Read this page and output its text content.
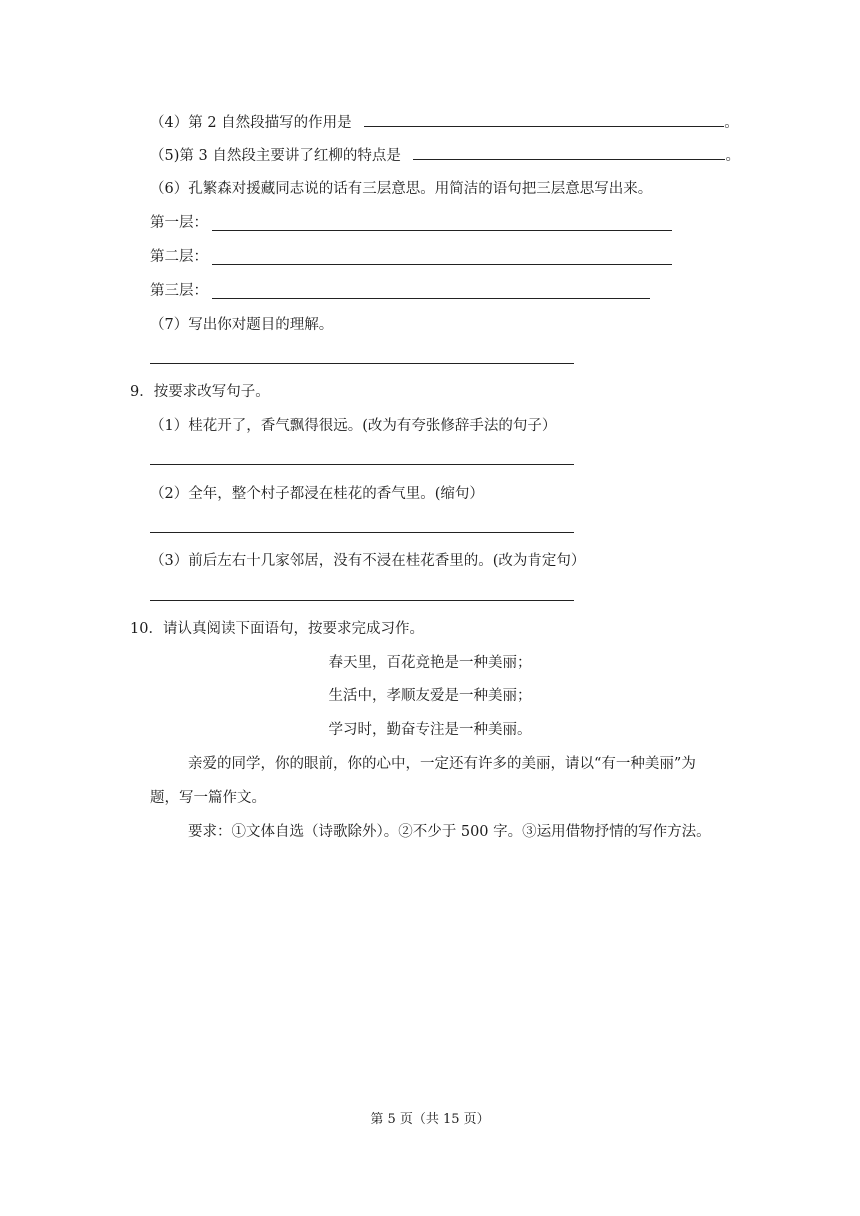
（4）第 2 自然段描写的作用是	。
（5)第 3 自然段主要讲了红柳的特点是	。
（6）孔繁森对援藏同志说的话有三层意思。用简洁的语句把三层意思写出来。
第一层：
第二层：
第三层：
（7）写出你对题目的理解。
9．按要求改写句子。
（1）桂花开了，香气飘得很远。(改为有夸张修辞手法的句子）
（2）全年，整个村子都浸在桂花的香气里。(缩句）
（3）前后左右十几家邻居，没有不浸在桂花香里的。(改为肯定句）
10．请认真阅读下面语句，按要求完成习作。
春天里，百花竞艳是一种美丽；
生活中，孝顺友爱是一种美丽；
学习时，勤奋专注是一种美丽。
亲爱的同学，你的眼前，你的心中，一定还有许多的美丽，请以“有一种美丽”为
题，写一篇作文。
要求：①文体自选（诗歌除外）。②不少于 500 字。③运用借物抒情的写作方法。
第 5 页（共 15 页）
